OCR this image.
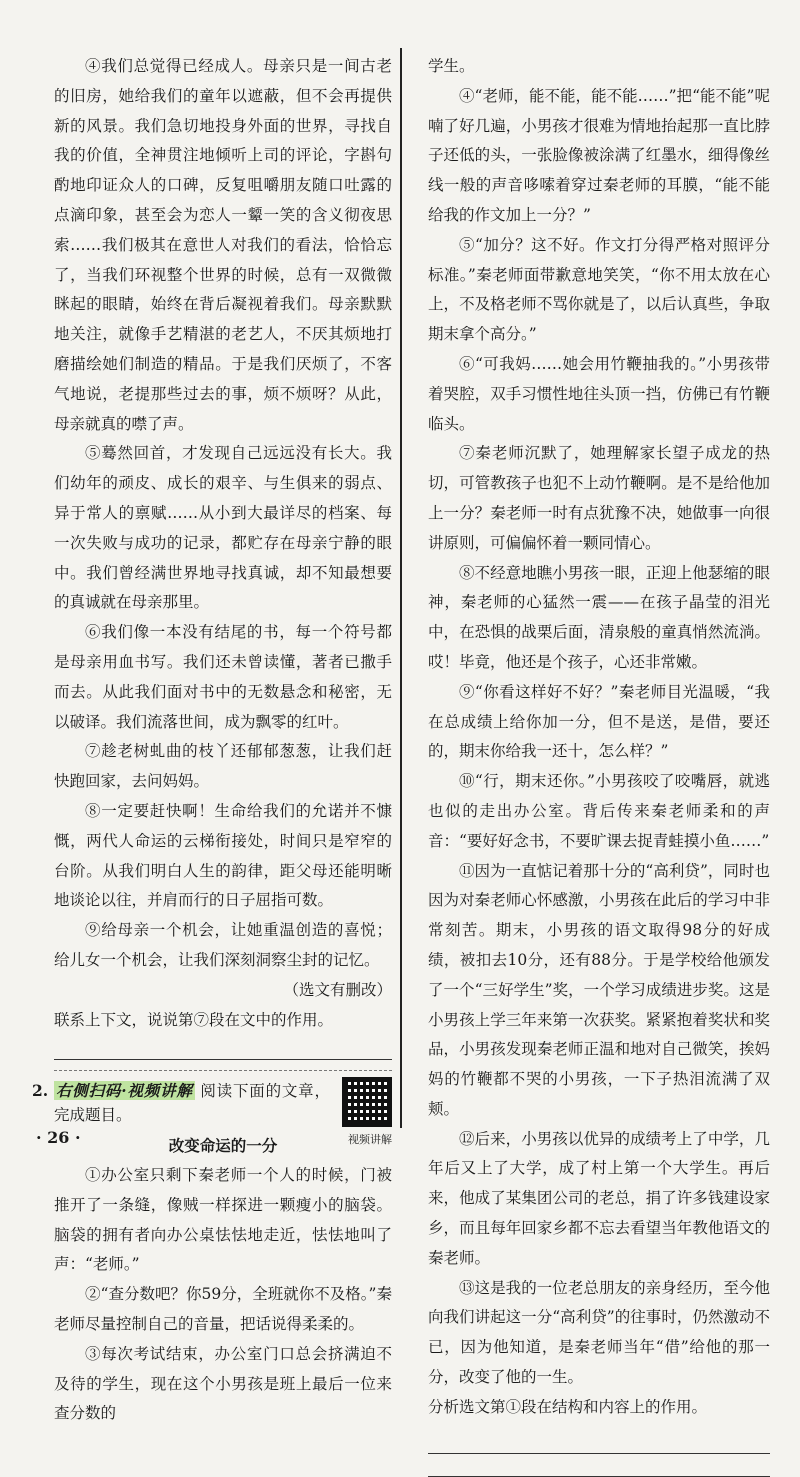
④我们总觉得已经成人。母亲只是一间古老的旧房，她给我们的童年以遮蔽，但不会再提供新的风景。我们急切地投身外面的世界，寻找自我的价值，全神贯注地倾听上司的评论，字斟句酌地印证众人的口碑，反复咀嚼朋友随口吐露的点滴印象，甚至会为恋人一颦一笑的含义彻夜思索……我们极其在意世人对我们的看法，恰恰忘了，当我们环视整个世界的时候，总有一双微微眯起的眼睛，始终在背后凝视着我们。母亲默默地关注，就像手艺精湛的老艺人，不厌其烦地打磨描绘她们制造的精品。于是我们厌烦了，不客气地说，老提那些过去的事，烦不烦呀？从此，母亲就真的噤了声。

⑤蓦然回首，才发现自己远远没有长大。我们幼年的顽皮、成长的艰辛、与生俱来的弱点、异于常人的禀赋……从小到大最详尽的档案、每一次失败与成功的记录，都贮存在母亲宁静的眼中。我们曾经满世界地寻找真诚，却不知最想要的真诚就在母亲那里。

⑥我们像一本没有结尾的书，每一个符号都是母亲用血书写。我们还未曾读懂，著者已撒手而去。从此我们面对书中的无数悬念和秘密，无以破译。我们流落世间，成为飘零的红叶。

⑦趁老树虬曲的枝丫还郁郁葱葱，让我们赶快跑回家，去问妈妈。

⑧一定要赶快啊！生命给我们的允诺并不慷慨，两代人命运的云梯衔接处，时间只是窄窄的台阶。从我们明白人生的韵律，距父母还能明晰地谈论以往，并肩而行的日子屈指可数。

⑨给母亲一个机会，让她重温创造的喜悦；给儿女一个机会，让我们深刻洞察尘封的记忆。

（选文有删改）

联系上下文，说说第⑦段在文中的作用。

2. 右侧扫码·视频讲解 阅读下面的文章，完成题目。
视频讲解

改变命运的一分

①办公室只剩下秦老师一个人的时候，门被推开了一条缝，像贼一样探进一颗瘦小的脑袋。脑袋的拥有者向办公桌怯怯地走近，怯怯地叫了声：“老师。”

②“查分数吧？你59分，全班就你不及格。”秦老师尽量控制自己的音量，把话说得柔柔的。

③每次考试结束，办公室门口总会挤满迫不及待的学生，现在这个小男孩是班上最后一位来查分数的

学生。

④“老师，能不能，能不能……”把“能不能”呢喃了好几遍，小男孩才很难为情地抬起那一直比脖子还低的头，一张脸像被涂满了红墨水，细得像丝线一般的声音哆嗦着穿过秦老师的耳膜，“能不能给我的作文加上一分？”

⑤“加分？这不好。作文打分得严格对照评分标准。”秦老师面带歉意地笑笑，“你不用太放在心上，不及格老师不骂你就是了，以后认真些，争取期末拿个高分。”

⑥“可我妈……她会用竹鞭抽我的。”小男孩带着哭腔，双手习惯性地往头顶一挡，仿佛已有竹鞭临头。

⑦秦老师沉默了，她理解家长望子成龙的热切，可管教孩子也犯不上动竹鞭啊。是不是给他加上一分？秦老师一时有点犹豫不决，她做事一向很讲原则，可偏偏怀着一颗同情心。

⑧不经意地瞧小男孩一眼，正迎上他瑟缩的眼神，秦老师的心猛然一震——在孩子晶莹的泪光中，在恐惧的战栗后面，清泉般的童真悄然流淌。哎！毕竟，他还是个孩子，心还非常嫩。

⑨“你看这样好不好？”秦老师目光温暖，“我在总成绩上给你加一分，但不是送，是借，要还的，期末你给我一还十，怎么样？”

⑩“行，期末还你。”小男孩咬了咬嘴唇，就逃也似的走出办公室。背后传来秦老师柔和的声音：“要好好念书，不要旷课去捉青蛙摸小鱼……”

⑪因为一直惦记着那十分的“高利贷”，同时也因为对秦老师心怀感激，小男孩在此后的学习中非常刻苦。期末，小男孩的语文取得98分的好成绩，被扣去10分，还有88分。于是学校给他颁发了一个“三好学生”奖，一个学习成绩进步奖。这是小男孩上学三年来第一次获奖。紧紧抱着奖状和奖品，小男孩发现秦老师正温和地对自己微笑，挨妈妈的竹鞭都不哭的小男孩，一下子热泪流满了双颊。

⑫后来，小男孩以优异的成绩考上了中学，几年后又上了大学，成了村上第一个大学生。再后来，他成了某集团公司的老总，捐了许多钱建设家乡，而且每年回家乡都不忘去看望当年教他语文的秦老师。

⑬这是我的一位老总朋友的亲身经历，至今他向我们讲起这一分“高利贷”的往事时，仍然激动不已，因为他知道，是秦老师当年“借”给他的那一分，改变了他的一生。

分析选文第①段在结构和内容上的作用。

· 26 ·
